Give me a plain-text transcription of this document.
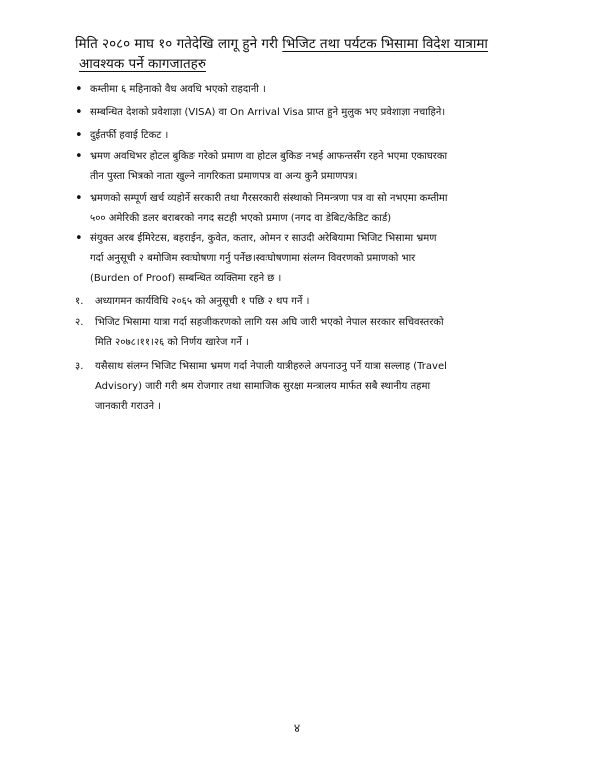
मिति २०८० माघ १० गतेदेखि लागू हुने गरी भिजिट तथा पर्यटक भिसामा विदेश यात्रामा
आवश्यक पर्ने कागजातहरु
• कम्तीमा ६ महिनाको वैध अवधि भएको राहदानी ।
• सम्बन्धित देशको प्रवेशाज्ञा (VISA) वा On Arrival Visa प्राप्त हुने मुलुक भए प्रवेशाज्ञा नचाहिने।
• दुईतर्फी हवाई टिकट ।
• भ्रमण अवधिभर होटल बुकिङ गरेको प्रमाण वा होटल बुकिङ नभई आफन्तसँग रहने भएमा एकाघरका
तीन पुस्ता भित्रको नाता खुल्ने नागरिकता प्रमाणपत्र वा अन्य कुनै प्रमाणपत्र।
• भ्रमणको सम्पूर्ण खर्च व्यहोर्ने सरकारी तथा गैरसरकारी संस्थाको निमन्त्रणा पत्र वा सो नभएमा कम्तीमा
५०० अमेरिकी डलर बराबरको नगद सटही भएको प्रमाण (नगद वा डेबिट/केडिट कार्ड)
• संयुक्त अरब ईमिरेटस, बहराईन, कुवेत, कतार, ओमन र साउदी अरेबियामा भिजिट भिसामा भ्रमण
गर्दा अनुसूची २ बमोजिम स्वःघोषणा गर्नु पर्नेछ।स्वःघोषणामा संलग्न विवरणको प्रमाणको भार
(Burden of Proof) सम्बन्धित व्यक्तिमा रहने छ ।
१.	अध्यागमन कार्यविधि २०६५ को अनुसूची १ पछि २ थप गर्ने ।
२.	भिजिट भिसामा यात्रा गर्दा सहजीकरणको लागि यस अघि जारी भएको नेपाल सरकार सचिवस्तरको
मिति २०७८।११।२६ को निर्णय खारेज गर्ने ।
३.	यसैसाथ संलग्न भिजिट भिसामा भ्रमण गर्दा नेपाली यात्रीहरुले अपनाउनु पर्ने यात्रा सल्लाह (Travel
Advisory) जारी गरी श्रम रोजगार तथा सामाजिक सुरक्षा मन्त्रालय मार्फत सबै स्थानीय तहमा
जानकारी गराउने ।
४
